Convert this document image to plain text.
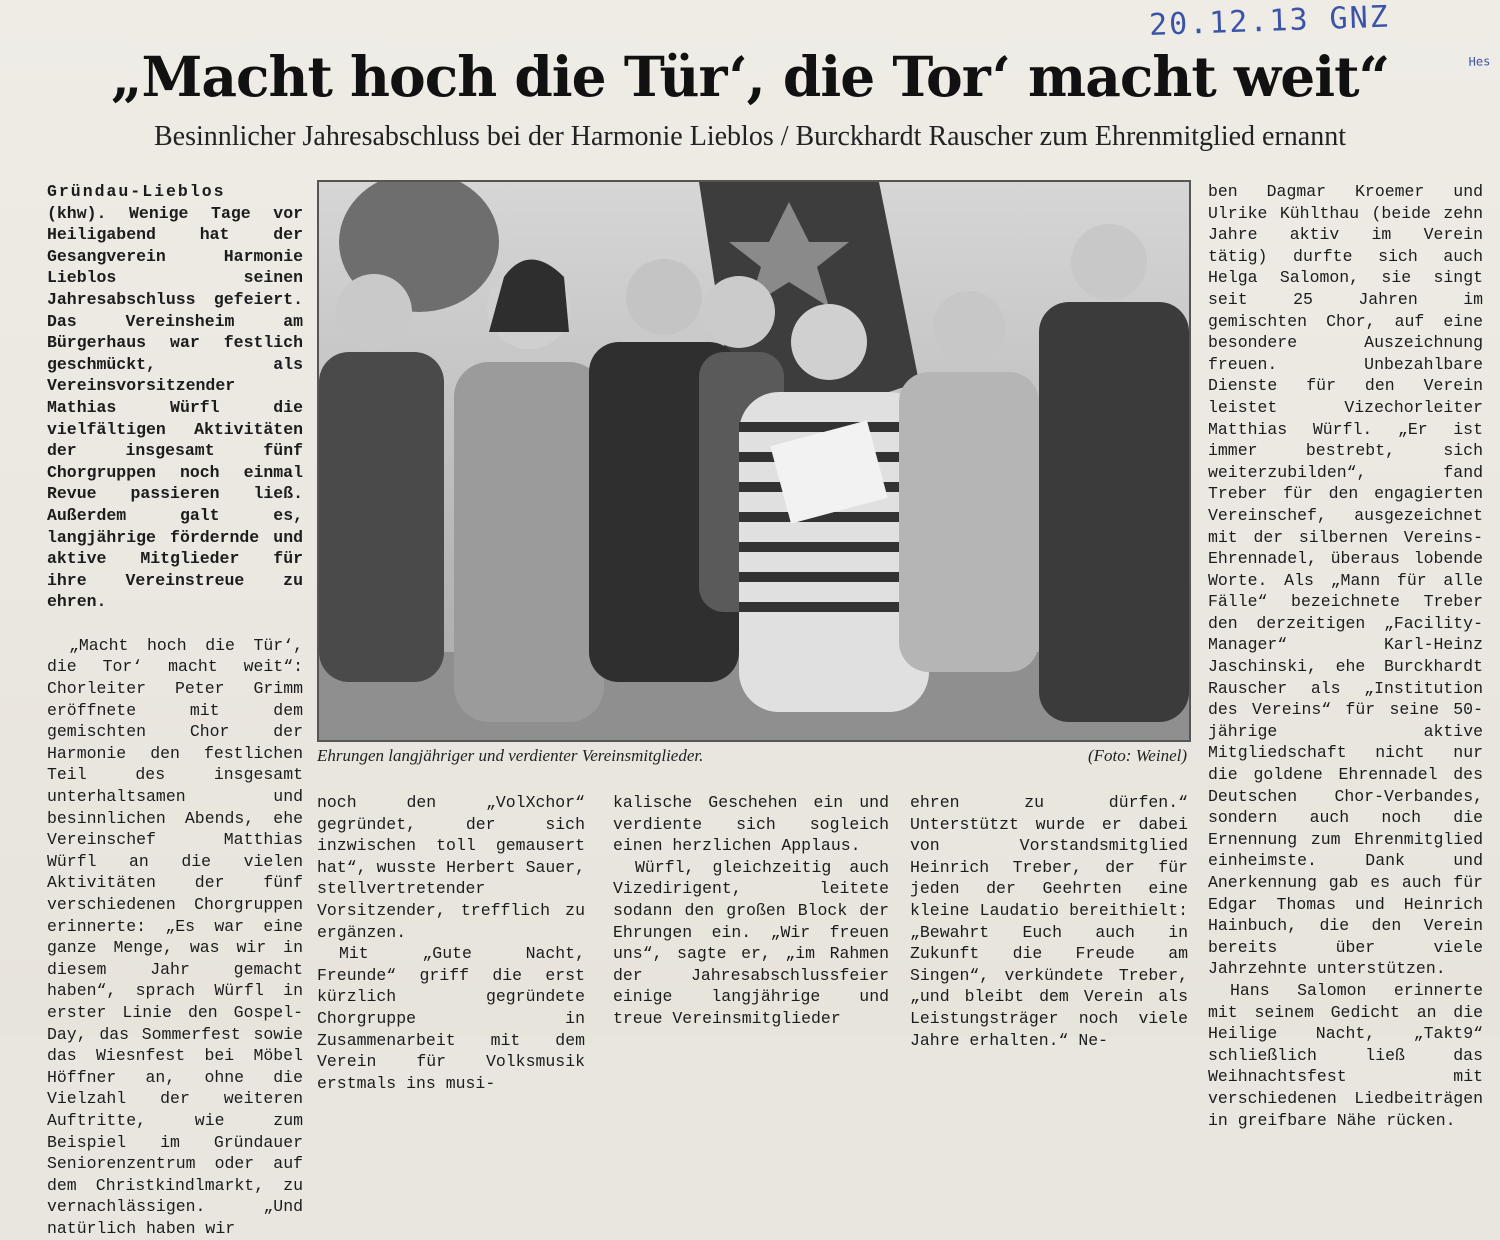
20.12.13 GNZ
Hes
„Macht hoch die Tür‘, die Tor‘ macht weit“
Besinnlicher Jahresabschluss bei der Harmonie Lieblos / Burckhardt Rauscher zum Ehrenmitglied ernannt

Gründau-Lieblos
(khw). Wenige Tage vor Heiligabend hat der Gesangverein Harmonie Lieblos seinen Jahresabschluss gefeiert. Das Vereinsheim am Bürgerhaus war festlich geschmückt, als Vereinsvorsitzender Mathias Würfl die vielfältigen Aktivitäten der insgesamt fünf Chorgruppen noch einmal Revue passieren ließ. Außerdem galt es, langjährige fördernde und aktive Mitglieder für ihre Vereinstreue zu ehren.

„Macht hoch die Tür‘, die Tor‘ macht weit“: Chorleiter Peter Grimm eröffnete mit dem gemischten Chor der Harmonie den festlichen Teil des insgesamt unterhaltsamen und besinnlichen Abends, ehe Vereinschef Matthias Würfl an die vielen Aktivitäten der fünf verschiedenen Chorgruppen erinnerte: „Es war eine ganze Menge, was wir in diesem Jahr gemacht haben“, sprach Würfl in erster Linie den Gospel-Day, das Sommerfest sowie das Wiesnfest bei Möbel Höffner an, ohne die Vielzahl der weiteren Auftritte, wie zum Beispiel im Gründauer Seniorenzentrum oder auf dem Christkindlmarkt, zu vernachlässigen. „Und natürlich haben wir

Ehrungen langjähriger und verdienter Vereinsmitglieder.	(Foto: Weinel)

noch den „VolXchor“ gegründet, der sich inzwischen toll gemausert hat“, wusste Herbert Sauer, stellvertretender Vorsitzender, trefflich zu ergänzen.

Mit „Gute Nacht, Freunde“ griff die erst kürzlich gegründete Chorgruppe in Zusammenarbeit mit dem Verein für Volksmusik erstmals ins musi-

kalische Geschehen ein und verdiente sich sogleich einen herzlichen Applaus.

Würfl, gleichzeitig auch Vizedirigent, leitete sodann den großen Block der Ehrungen ein. „Wir freuen uns“, sagte er, „im Rahmen der Jahresabschlussfeier einige langjährige und treue Vereinsmitglieder

ehren zu dürfen.“ Unterstützt wurde er dabei von Vorstandsmitglied Heinrich Treber, der für jeden der Geehrten eine kleine Laudatio bereithielt: „Bewahrt Euch auch in Zukunft die Freude am Singen“, verkündete Treber, „und bleibt dem Verein als Leistungsträger noch viele Jahre erhalten.“ Ne-

ben Dagmar Kroemer und Ulrike Kühlthau (beide zehn Jahre aktiv im Verein tätig) durfte sich auch Helga Salomon, sie singt seit 25 Jahren im gemischten Chor, auf eine besondere Auszeichnung freuen. Unbezahlbare Dienste für den Verein leistet Vizechorleiter Matthias Würfl. „Er ist immer bestrebt, sich weiterzubilden“, fand Treber für den engagierten Vereinschef, ausgezeichnet mit der silbernen Vereins-Ehrennadel, überaus lobende Worte. Als „Mann für alle Fälle“ bezeichnete Treber den derzeitigen „Facility-Manager“ Karl-Heinz Jaschinski, ehe Burckhardt Rauscher als „Institution des Vereins“ für seine 50-jährige aktive Mitgliedschaft nicht nur die goldene Ehrennadel des Deutschen Chor-Verbandes, sondern auch noch die Ernennung zum Ehrenmitglied einheimste. Dank und Anerkennung gab es auch für Edgar Thomas und Heinrich Hainbuch, die den Verein bereits über viele Jahrzehnte unterstützen.

Hans Salomon erinnerte mit seinem Gedicht an die Heilige Nacht, „Takt9“ schließlich ließ das Weihnachtsfest mit verschiedenen Liedbeiträgen in greifbare Nähe rücken.
